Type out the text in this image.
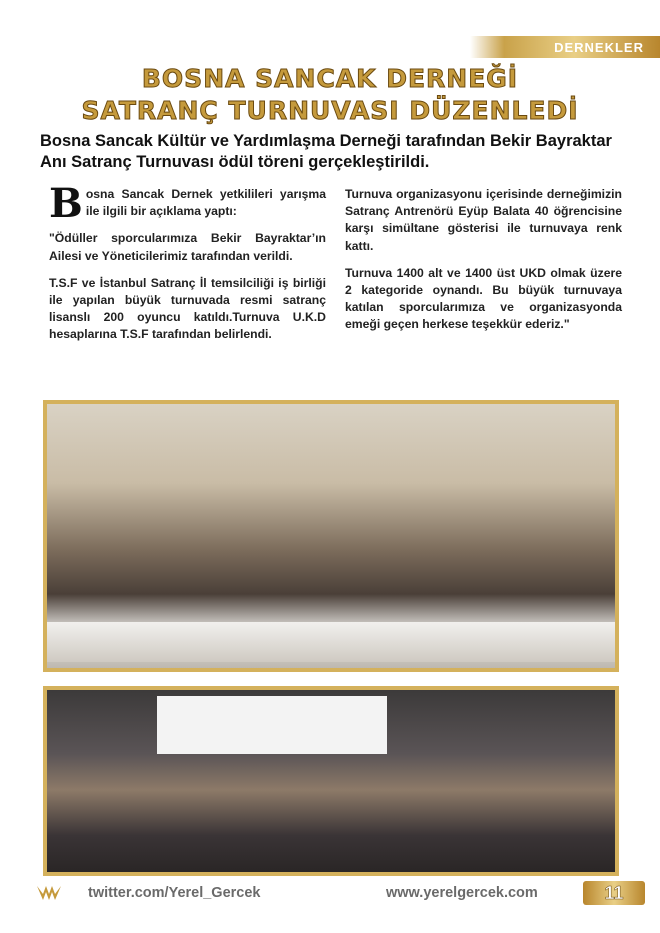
DERNEKLER
BOSNA SANCAK DERNEĞİ
SATRANÇ TURNUVASI DÜZENLEDİ
Bosna Sancak Kültür ve Yardımlaşma Derneği tarafından Bekir Bayraktar Anı Satranç Turnuvası ödül töreni gerçekleştirildi.

Bosna Sancak Dernek yetkilileri yarışma ile ilgili bir açıklama yaptı:

"Ödüller sporcularımıza Bekir Bayraktar’ın Ailesi ve Yöneticilerimiz tarafından verildi.

T.S.F ve İstanbul Satranç İl temsilciliği iş birliği ile yapılan büyük turnuvada resmi satranç lisanslı 200 oyuncu katıldı.Turnuva U.K.D hesaplarına T.S.F tarafından belirlendi.

Turnuva organizasyonu içerisinde derneğimizin Satranç Antrenörü Eyüp Balata 40 öğrencisine karşı simültane gösterisi ile turnuvaya renk kattı.

Turnuva 1400 alt ve 1400 üst UKD olmak üzere 2 kategoride oynandı. Bu büyük turnuvaya katılan sporcularımıza ve organizasyonda emeği geçen herkese teşekkür ederiz."

twitter.com/Yerel_Gercek	www.yerelgercek.com	11
